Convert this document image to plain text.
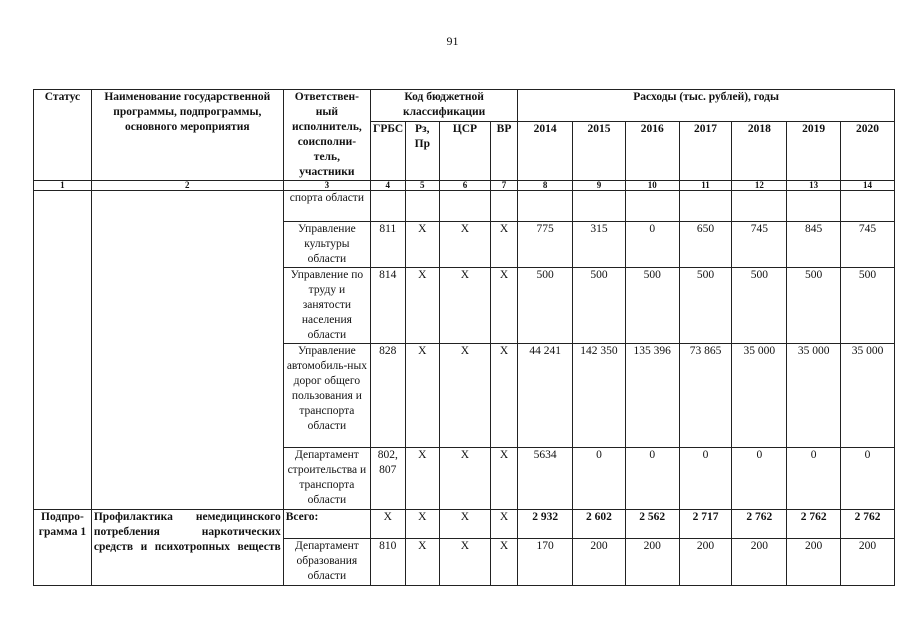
91
Статус	Наименование государственной программы, подпрограммы, основного мероприятия	Ответствен-ный исполнитель, соисполни-тель, участники	Код бюджетной классификации				Расходы (тыс. рублей), годы						
			ГРБС	Рз, Пр	ЦСР	ВР	2014	2015	2016	2017	2018	2019	2020
1	2	3	4	5	6	7	8	9	10	11	12	13	14
		спорта области											
		Управление культуры области	811	X	X	X	775	315	0	650	745	845	745
		Управление по труду и занятости населения области	814	X	X	X	500	500	500	500	500	500	500
		Управление автомобиль-ных дорог общего пользования и транспорта области	828	X	X	X	44 241	142 350	135 396	73 865	35 000	35 000	35 000
		Департамент строительства и транспорта области	802, 807	X	X	X	5634	0	0	0	0	0	0
Подпро-грамма 1	Профилактика немедицинского потребления наркотических средств и психотропных веществ	Всего:	X	X	X	X	2 932	2 602	2 562	2 717	2 762	2 762	2 762
		Департамент образования области	810	X	X	X	170	200	200	200	200	200	200
